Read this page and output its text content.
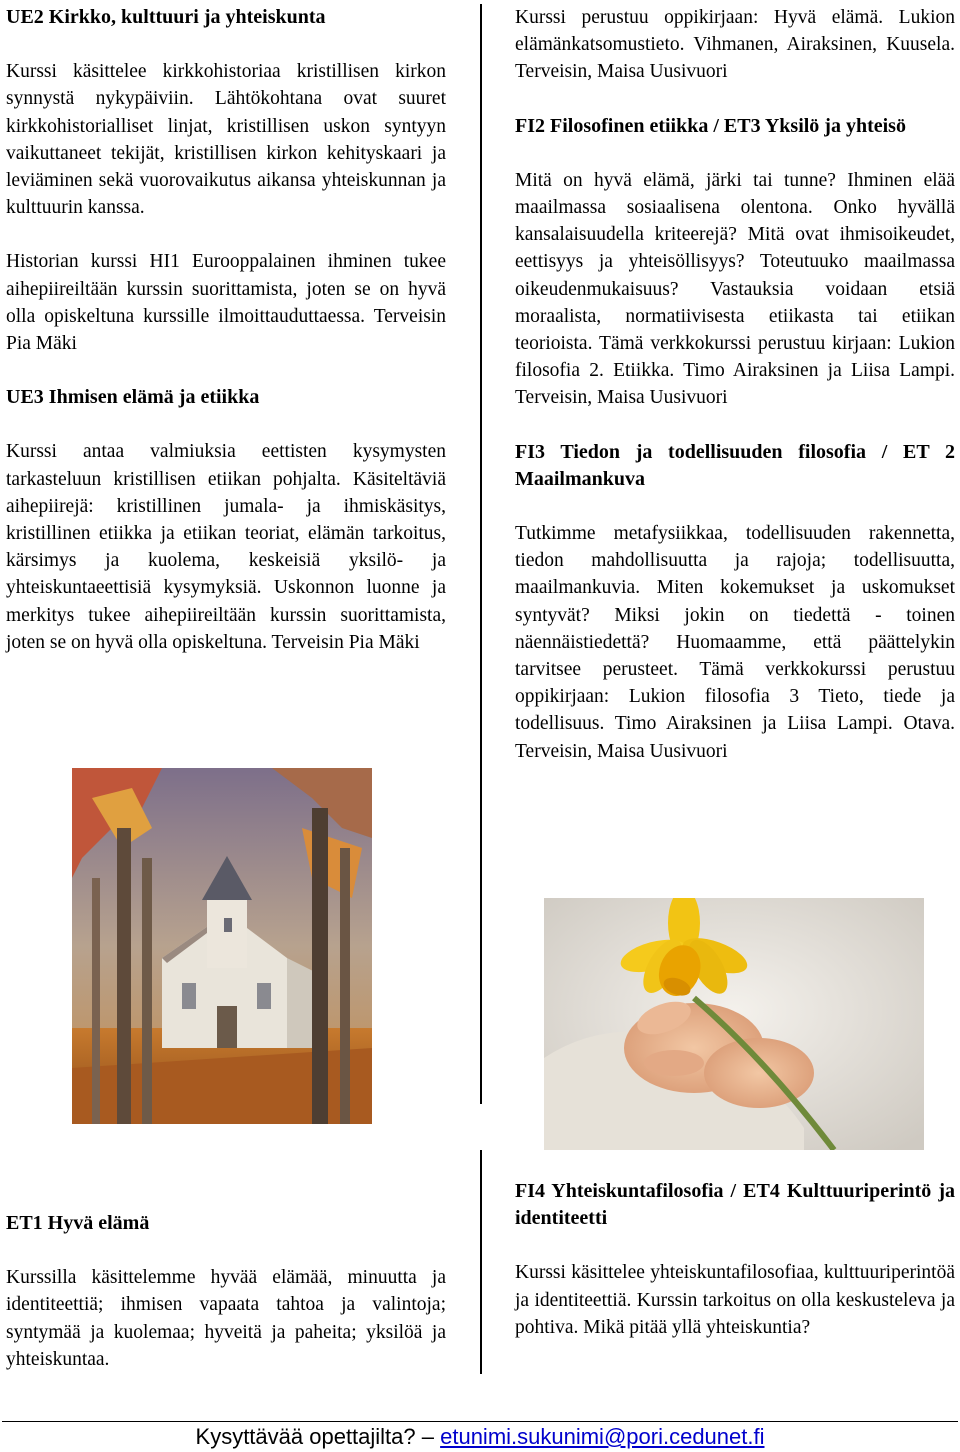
UE2 Kirkko, kulttuuri ja yhteiskunta

Kurssi käsittelee kirkkohistoriaa kristillisen kirkon synnystä nykypäiviin. Lähtökohtana ovat suuret kirkkohistorialliset linjat, kristillisen uskon syntyyn vaikuttaneet tekijät, kristillisen kirkon kehityskaari ja leviäminen sekä vuorovaikutus aikansa yhteiskunnan ja kulttuurin kanssa.

Historian kurssi HI1 Eurooppalainen ihminen tukee aihepiireiltään kurssin suorittamista, joten se on hyvä olla opiskeltuna kurssille ilmoittauduttaessa. Terveisin Pia Mäki

UE3 Ihmisen elämä ja etiikka

Kurssi antaa valmiuksia eettisten kysymysten tarkasteluun kristillisen etiikan pohjalta. Käsiteltäviä aihepiirejä: kristillinen jumala- ja ihmiskäsitys, kristillinen etiikka ja etiikan teoriat, elämän tarkoitus, kärsimys ja kuolema, keskeisiä yksilö- ja yhteiskuntaeettisiä kysymyksiä. Uskonnon luonne ja merkitys tukee aihepiireiltään kurssin suorittamista, joten se on hyvä olla opiskeltuna. Terveisin Pia Mäki

Kurssi perustuu oppikirjaan: Hyvä elämä. Lukion elämänkatsomustieto. Vihmanen, Airaksinen, Kuusela. Terveisin, Maisa Uusivuori

FI2 Filosofinen etiikka / ET3 Yksilö ja yhteisö

Mitä on hyvä elämä, järki tai tunne? Ihminen elää maailmassa sosiaalisena olentona. Onko hyvällä kansalaisuudella kriteerejä? Mitä ovat ihmisoikeudet, eettisyys ja yhteisöllisyys? Toteutuuko maailmassa oikeudenmukaisuus? Vastauksia voidaan etsiä moraalista, normatiivisesta etiikasta tai etiikan teorioista. Tämä verkkokurssi perustuu kirjaan: Lukion filosofia 2. Etiikka. Timo Airaksinen ja Liisa Lampi. Terveisin, Maisa Uusivuori

FI3 Tiedon ja todellisuuden filosofia / ET 2 Maailmankuva

Tutkimme metafysiikkaa, todellisuuden rakennetta, tiedon mahdollisuutta ja rajoja; todellisuutta, maailmankuvia. Miten kokemukset ja uskomukset syntyvät? Miksi jokin on tiedettä - toinen näennäistiedettä? Huomaamme, että päättelykin tarvitsee perusteet. Tämä verkkokurssi perustuu oppikirjaan: Lukion filosofia 3 Tieto, tiede ja todellisuus. Timo Airaksinen ja Liisa Lampi. Otava. Terveisin, Maisa Uusivuori

ET1 Hyvä elämä

Kurssilla käsittelemme hyvää elämää, minuutta ja identiteettiä; ihmisen vapaata tahtoa ja valintoja; syntymää ja kuolemaa; hyveitä ja paheita; yksilöä ja yhteiskuntaa.

FI4 Yhteiskuntafilosofia / ET4 Kulttuuriperintö ja identiteetti

Kurssi käsittelee yhteiskuntafilosofiaa, kulttuuriperintöä ja identiteettiä. Kurssin tarkoitus on olla keskusteleva ja pohtiva. Mikä pitää yllä yhteiskuntia?

Kysyttävää opettajilta? – etunimi.sukunimi@pori.cedunet.fi
